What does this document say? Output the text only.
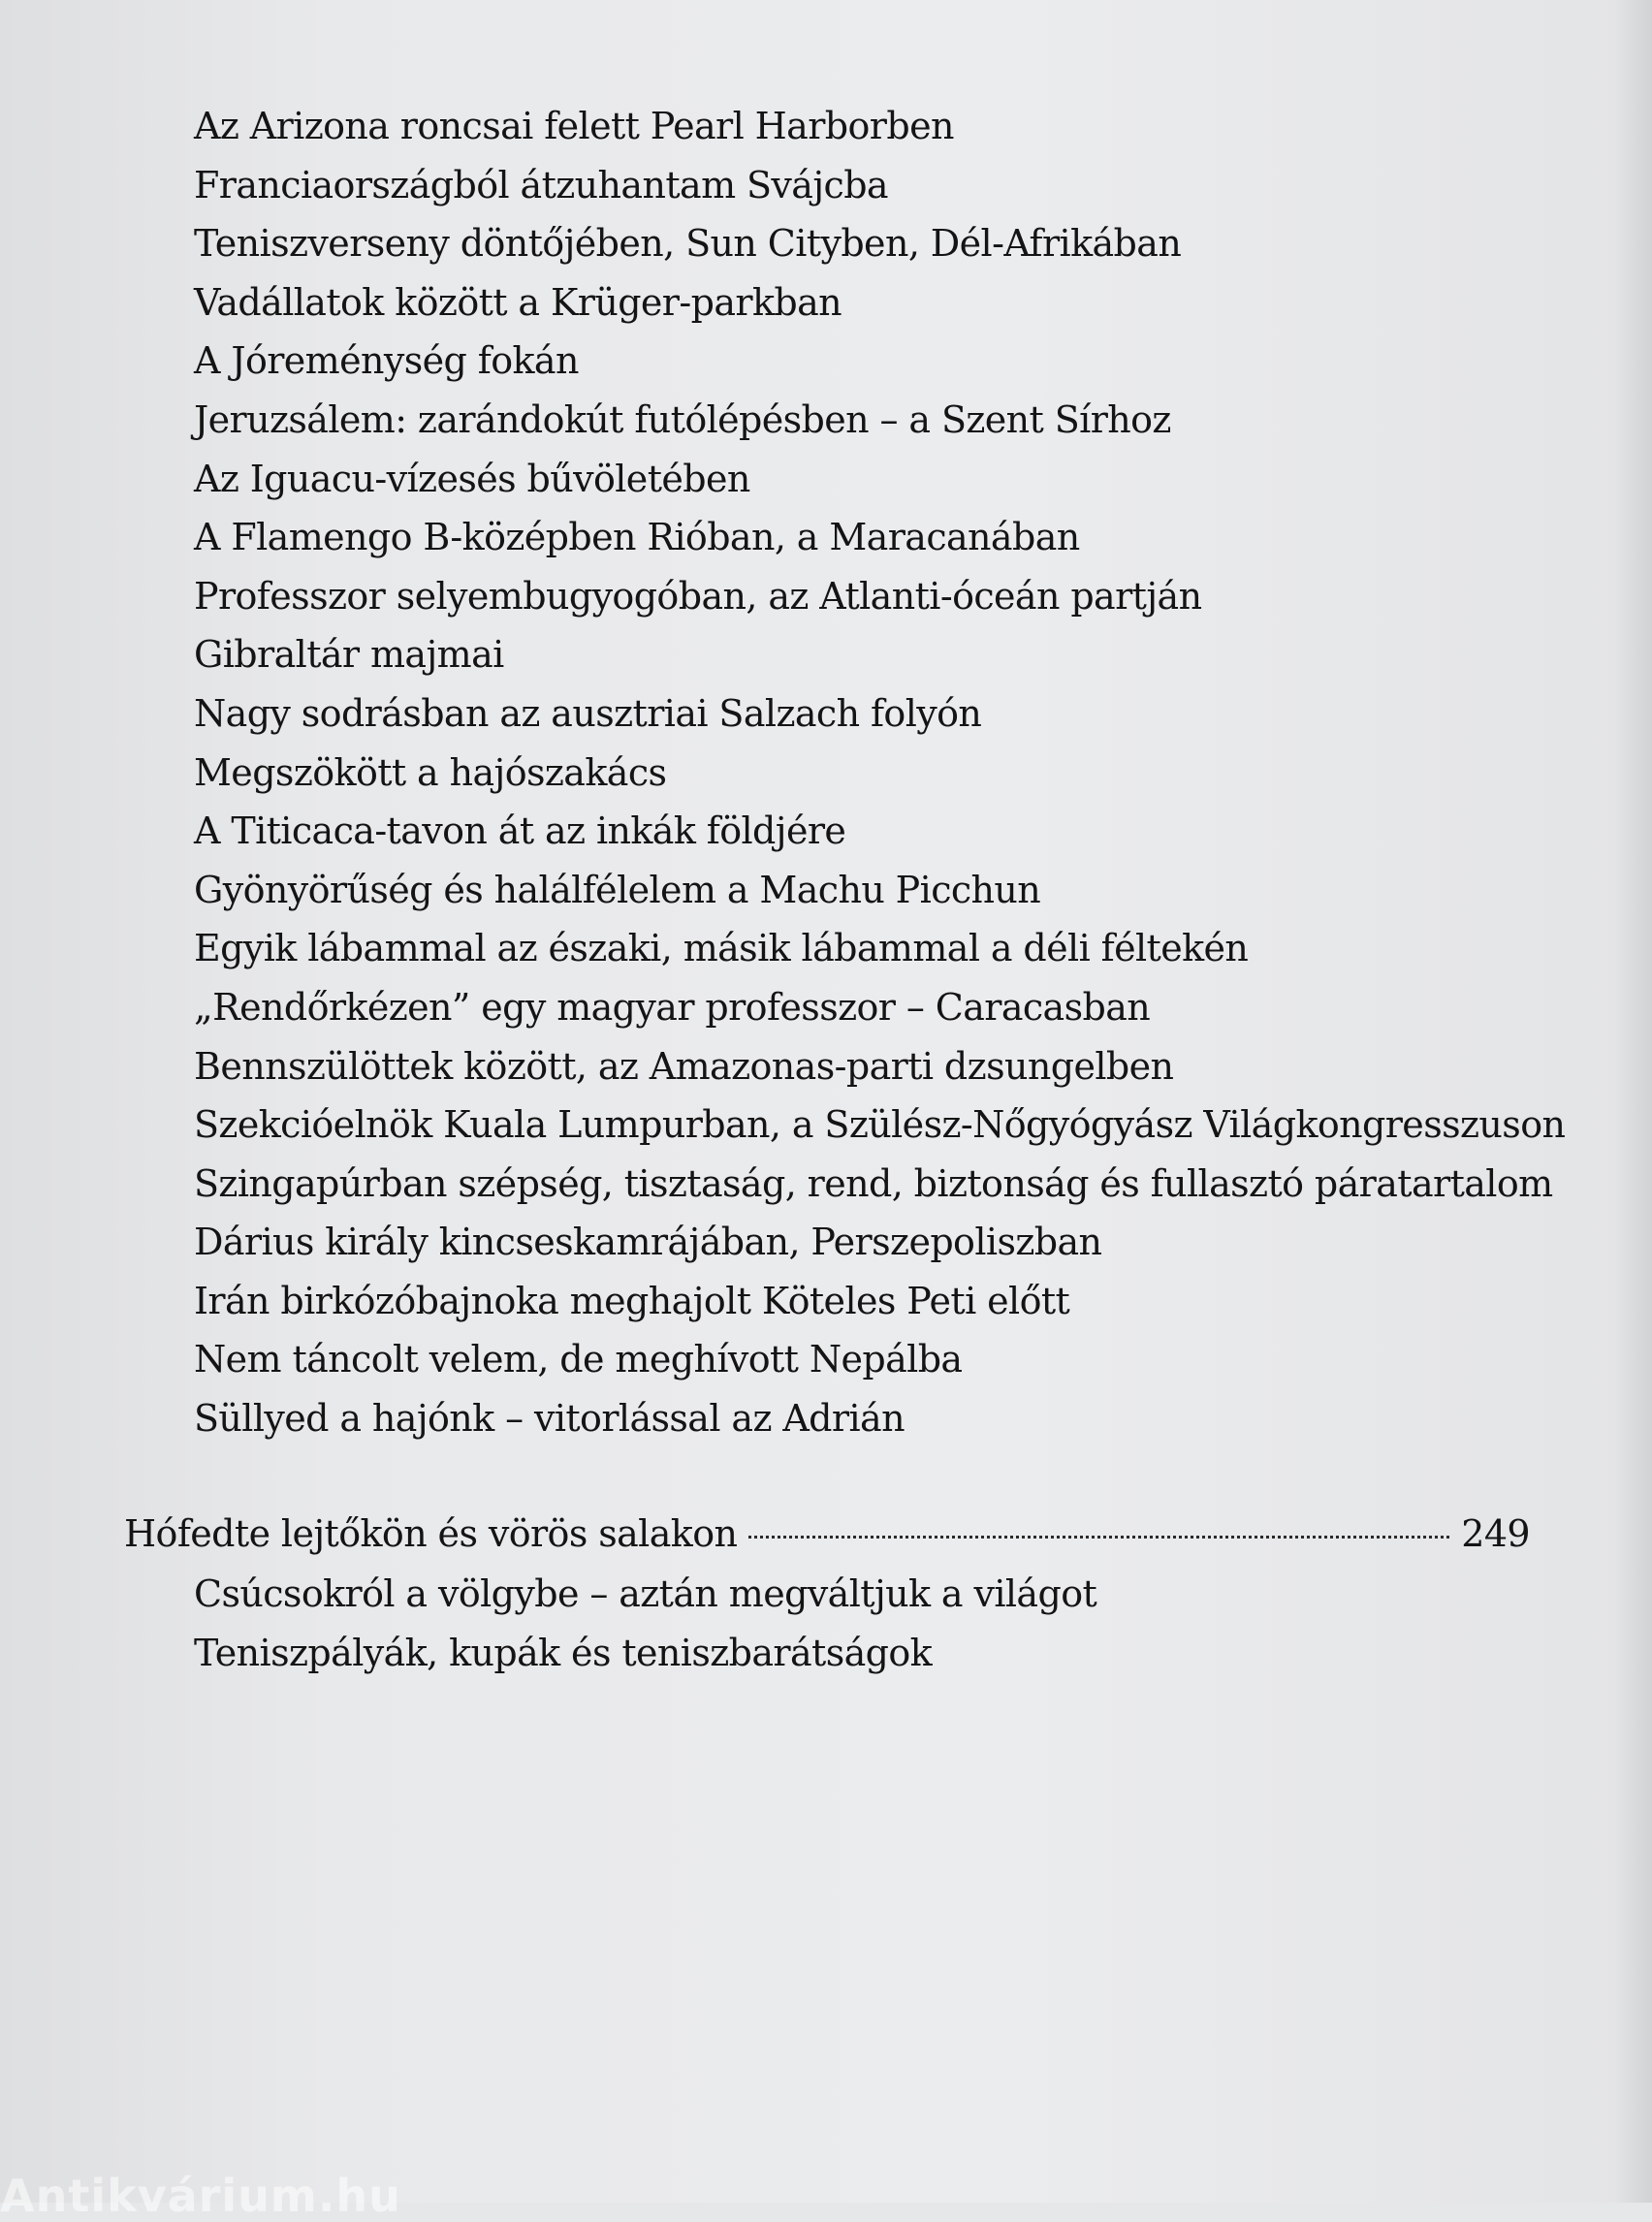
Az Arizona roncsai felett Pearl Harborben
Franciaországból átzuhantam Svájcba
Teniszverseny döntőjében, Sun Cityben, Dél-Afrikában
Vadállatok között a Krüger-parkban
A Jóreménység fokán
Jeruzsálem: zarándokút futólépésben – a Szent Sírhoz
Az Iguacu-vízesés bűvöletében
A Flamengo B-középben Rióban, a Maracanában
Professzor selyembugyogóban, az Atlanti-óceán partján
Gibraltár majmai
Nagy sodrásban az ausztriai Salzach folyón
Megszökött a hajószakács
A Titicaca-tavon át az inkák földjére
Gyönyörűség és halálfélelem a Machu Picchun
Egyik lábammal az északi, másik lábammal a déli féltekén
„Rendőrkézen” egy magyar professzor – Caracasban
Bennszülöttek között, az Amazonas-parti dzsungelben
Szekcióelnök Kuala Lumpurban, a Szülész-Nőgyógyász Világkongresszuson
Szingapúrban szépség, tisztaság, rend, biztonság és fullasztó páratartalom
Dárius király kincseskamrájában, Perszepoliszban
Irán birkózóbajnoka meghajolt Köteles Peti előtt
Nem táncolt velem, de meghívott Nepálba
Süllyed a hajónk – vitorlással az Adrián
Hófedte lejtőkön és vörös salakon	249
Csúcsokról a völgybe – aztán megváltjuk a világot
Teniszpályák, kupák és teniszbarátságok
Antikvárium.hu
